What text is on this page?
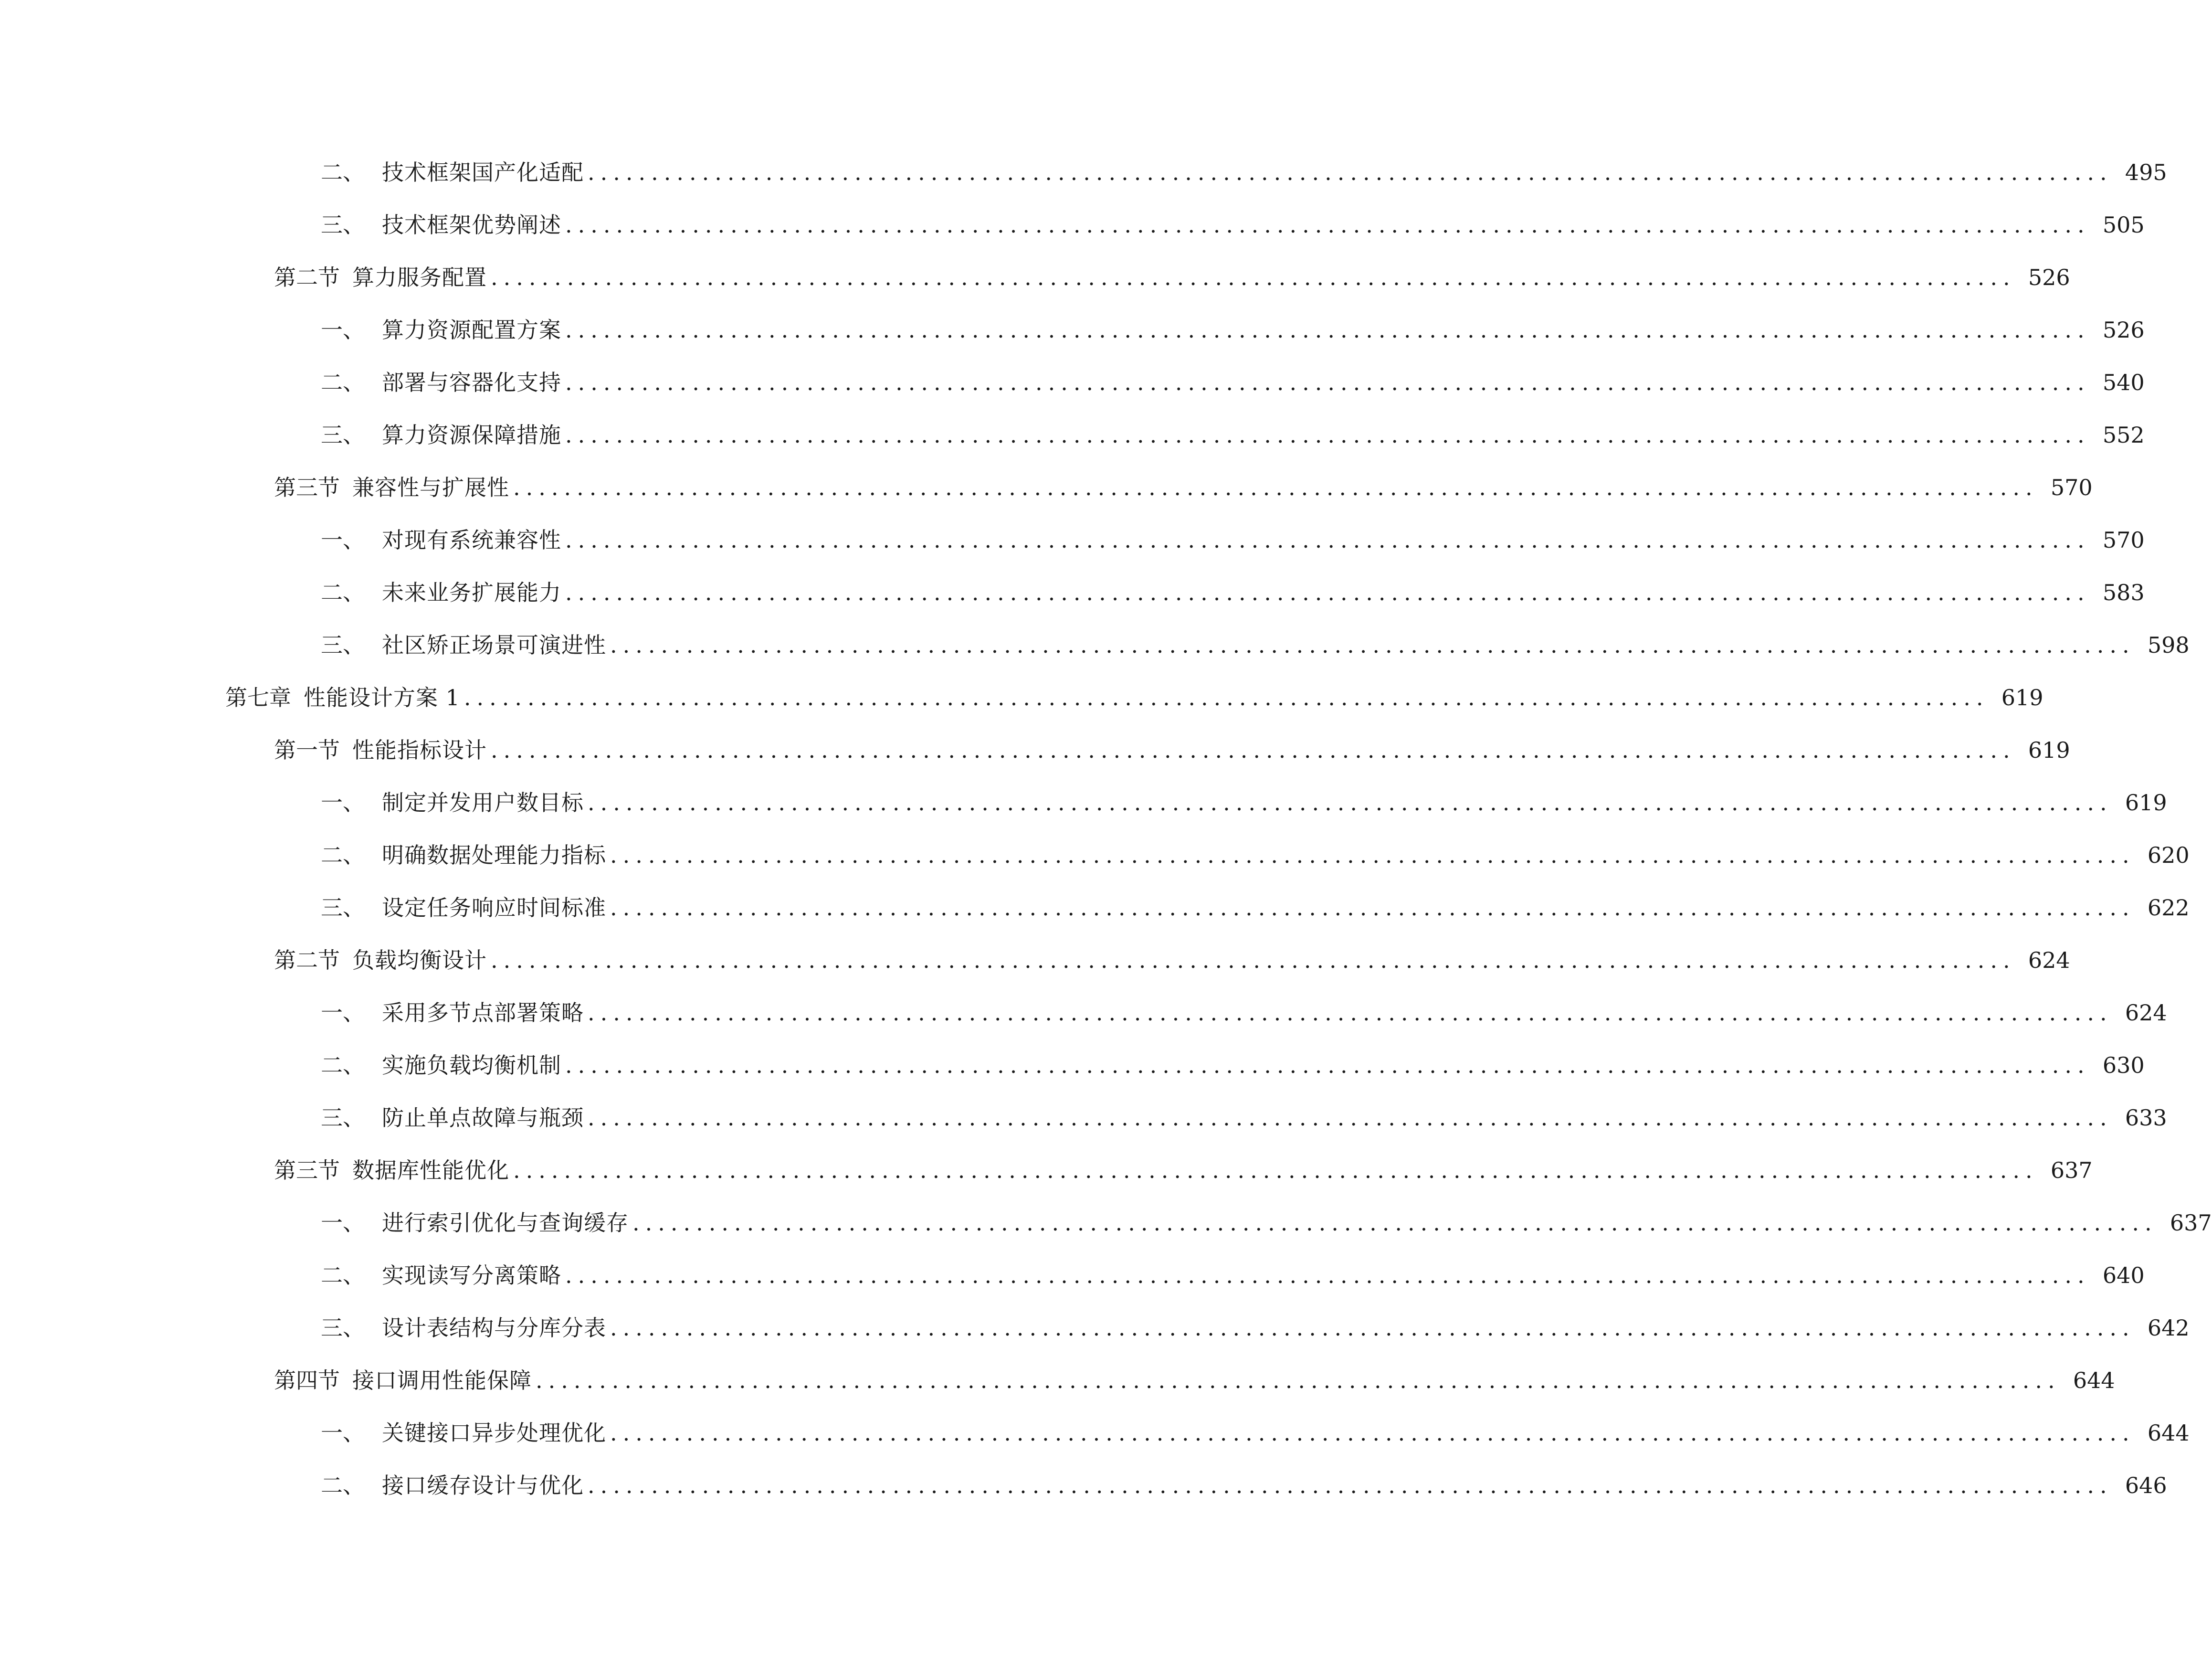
二、 技术框架国产化适配 ........................................................................................................................ 495
三、 技术框架优势阐述 ........................................................................................................................ 505
第二节 算力服务配置 ........................................................................................................................ 526
一、 算力资源配置方案 ........................................................................................................................ 526
二、 部署与容器化支持 ........................................................................................................................ 540
三、 算力资源保障措施 ........................................................................................................................ 552
第三节 兼容性与扩展性 ........................................................................................................................ 570
一、 对现有系统兼容性 ........................................................................................................................ 570
二、 未来业务扩展能力 ........................................................................................................................ 583
三、 社区矫正场景可演进性 ........................................................................................................................ 598
第七章 性能设计方案 1 ........................................................................................................................ 619
第一节 性能指标设计 ........................................................................................................................ 619
一、 制定并发用户数目标 ........................................................................................................................ 619
二、 明确数据处理能力指标 ........................................................................................................................ 620
三、 设定任务响应时间标准 ........................................................................................................................ 622
第二节 负载均衡设计 ........................................................................................................................ 624
一、 采用多节点部署策略 ........................................................................................................................ 624
二、 实施负载均衡机制 ........................................................................................................................ 630
三、 防止单点故障与瓶颈 ........................................................................................................................ 633
第三节 数据库性能优化 ........................................................................................................................ 637
一、 进行索引优化与查询缓存 ........................................................................................................................ 637
二、 实现读写分离策略 ........................................................................................................................ 640
三、 设计表结构与分库分表 ........................................................................................................................ 642
第四节 接口调用性能保障 ........................................................................................................................ 644
一、 关键接口异步处理优化 ........................................................................................................................ 644
二、 接口缓存设计与优化 ........................................................................................................................ 646
